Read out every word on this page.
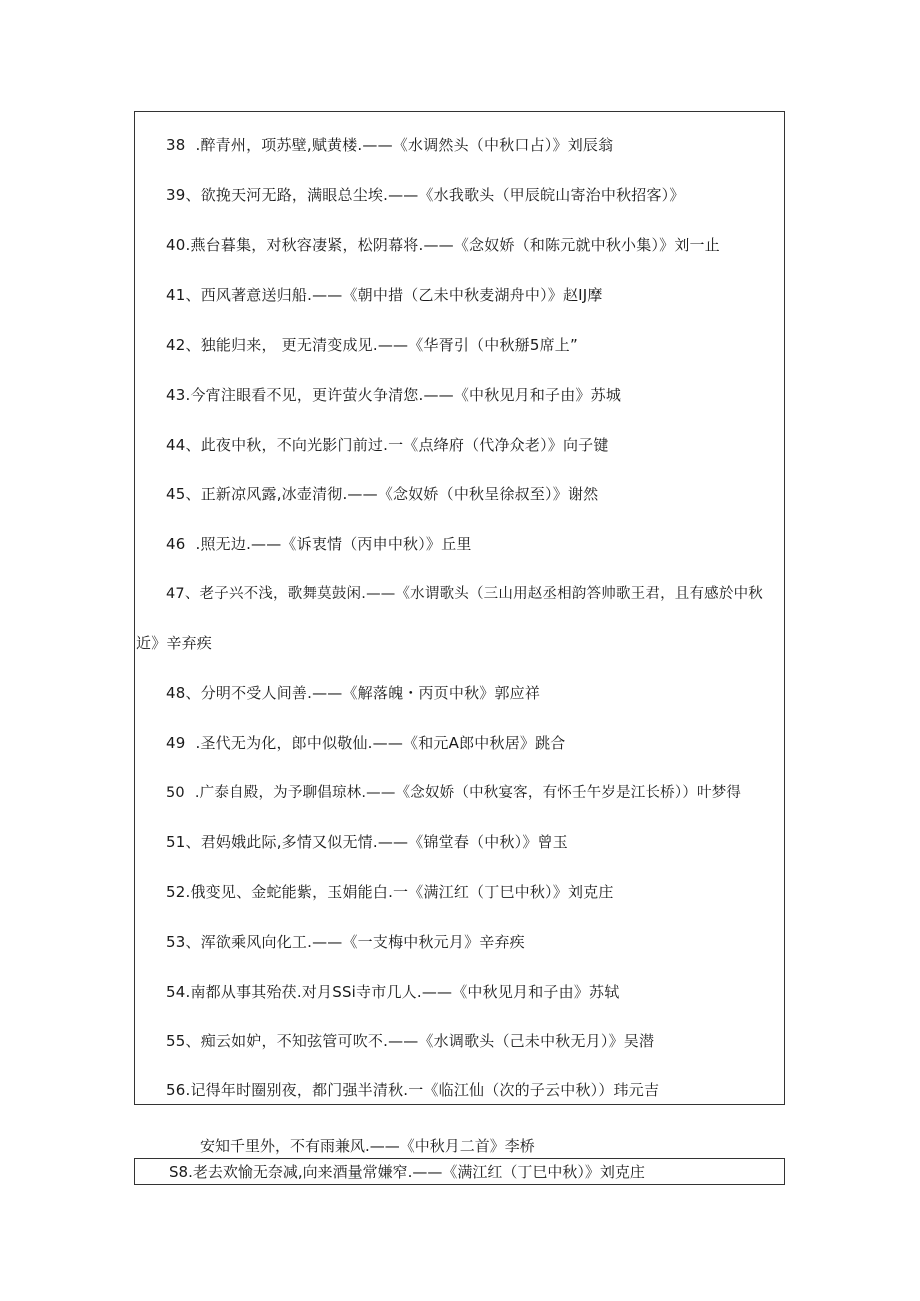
38 .醉青州，项苏壁,赋黄楼.——《水调然头（中秋口占）》刘辰翁
39、欲挽天河无路，满眼总尘埃.——《水我歌头（甲辰皖山寄治中秋招客）》
40.燕台暮集，对秋容凄紧，松阴幕将.——《念奴娇（和陈元就中秋小集）》刘一止
41、西风著意送归船.——《朝中措（乙未中秋麦湖舟中）》赵IJ摩
42、独能归来， 更无清变成见.——《华胥引（中秋掰5席上”
43.今宵注眼看不见，更许萤火争清您.——《中秋见月和子由》苏城
44、此夜中秋，不向光影门前过.一《点绛府（代净众老）》向子键
45、正新凉风露,冰壶清彻.——《念奴娇（中秋呈徐叔至）》谢然
46 .照无边.——《诉衷情（丙申中秋）》丘里
47、老子兴不浅，歌舞莫鼓闲.——《水谓歌头（三山用赵丞相韵答帅歌王君，且有感於中秋
近》辛弃疾
48、分明不受人间善.——《解落魄・丙页中秋》郭应祥
49 .圣代无为化，郎中似敬仙.——《和元A郎中秋居》跳合
50 .广泰自殿，为予聊倡琼林.——《念奴娇（中秋宴客，有怀壬午岁是江长桥））叶梦得
51、君妈娥此际,多情又似无情.——《锦堂春（中秋）》曾玉
52.俄变见、金蛇能紫，玉娟能白.一《满江红（丁巳中秋）》刘克庄
53、浑欲乘风向化工.——《一支梅中秋元月》辛弃疾
54.南都从事其殆茯.对月SSi寺市几人.——《中秋见月和子由》苏轼
55、痴云如妒，不知弦管可吹不.——《水调歌头（己未中秋无月）》吴潜
56.记得年时圈别夜，都门强半清秋.一《临江仙（次的子云中秋））玮元吉
安知千里外，不有雨兼风.——《中秋月二首》李桥
S8.老去欢愉无奈减,向来酒量常嫌窄.——《满江红（丁巳中秋）》刘克庄
